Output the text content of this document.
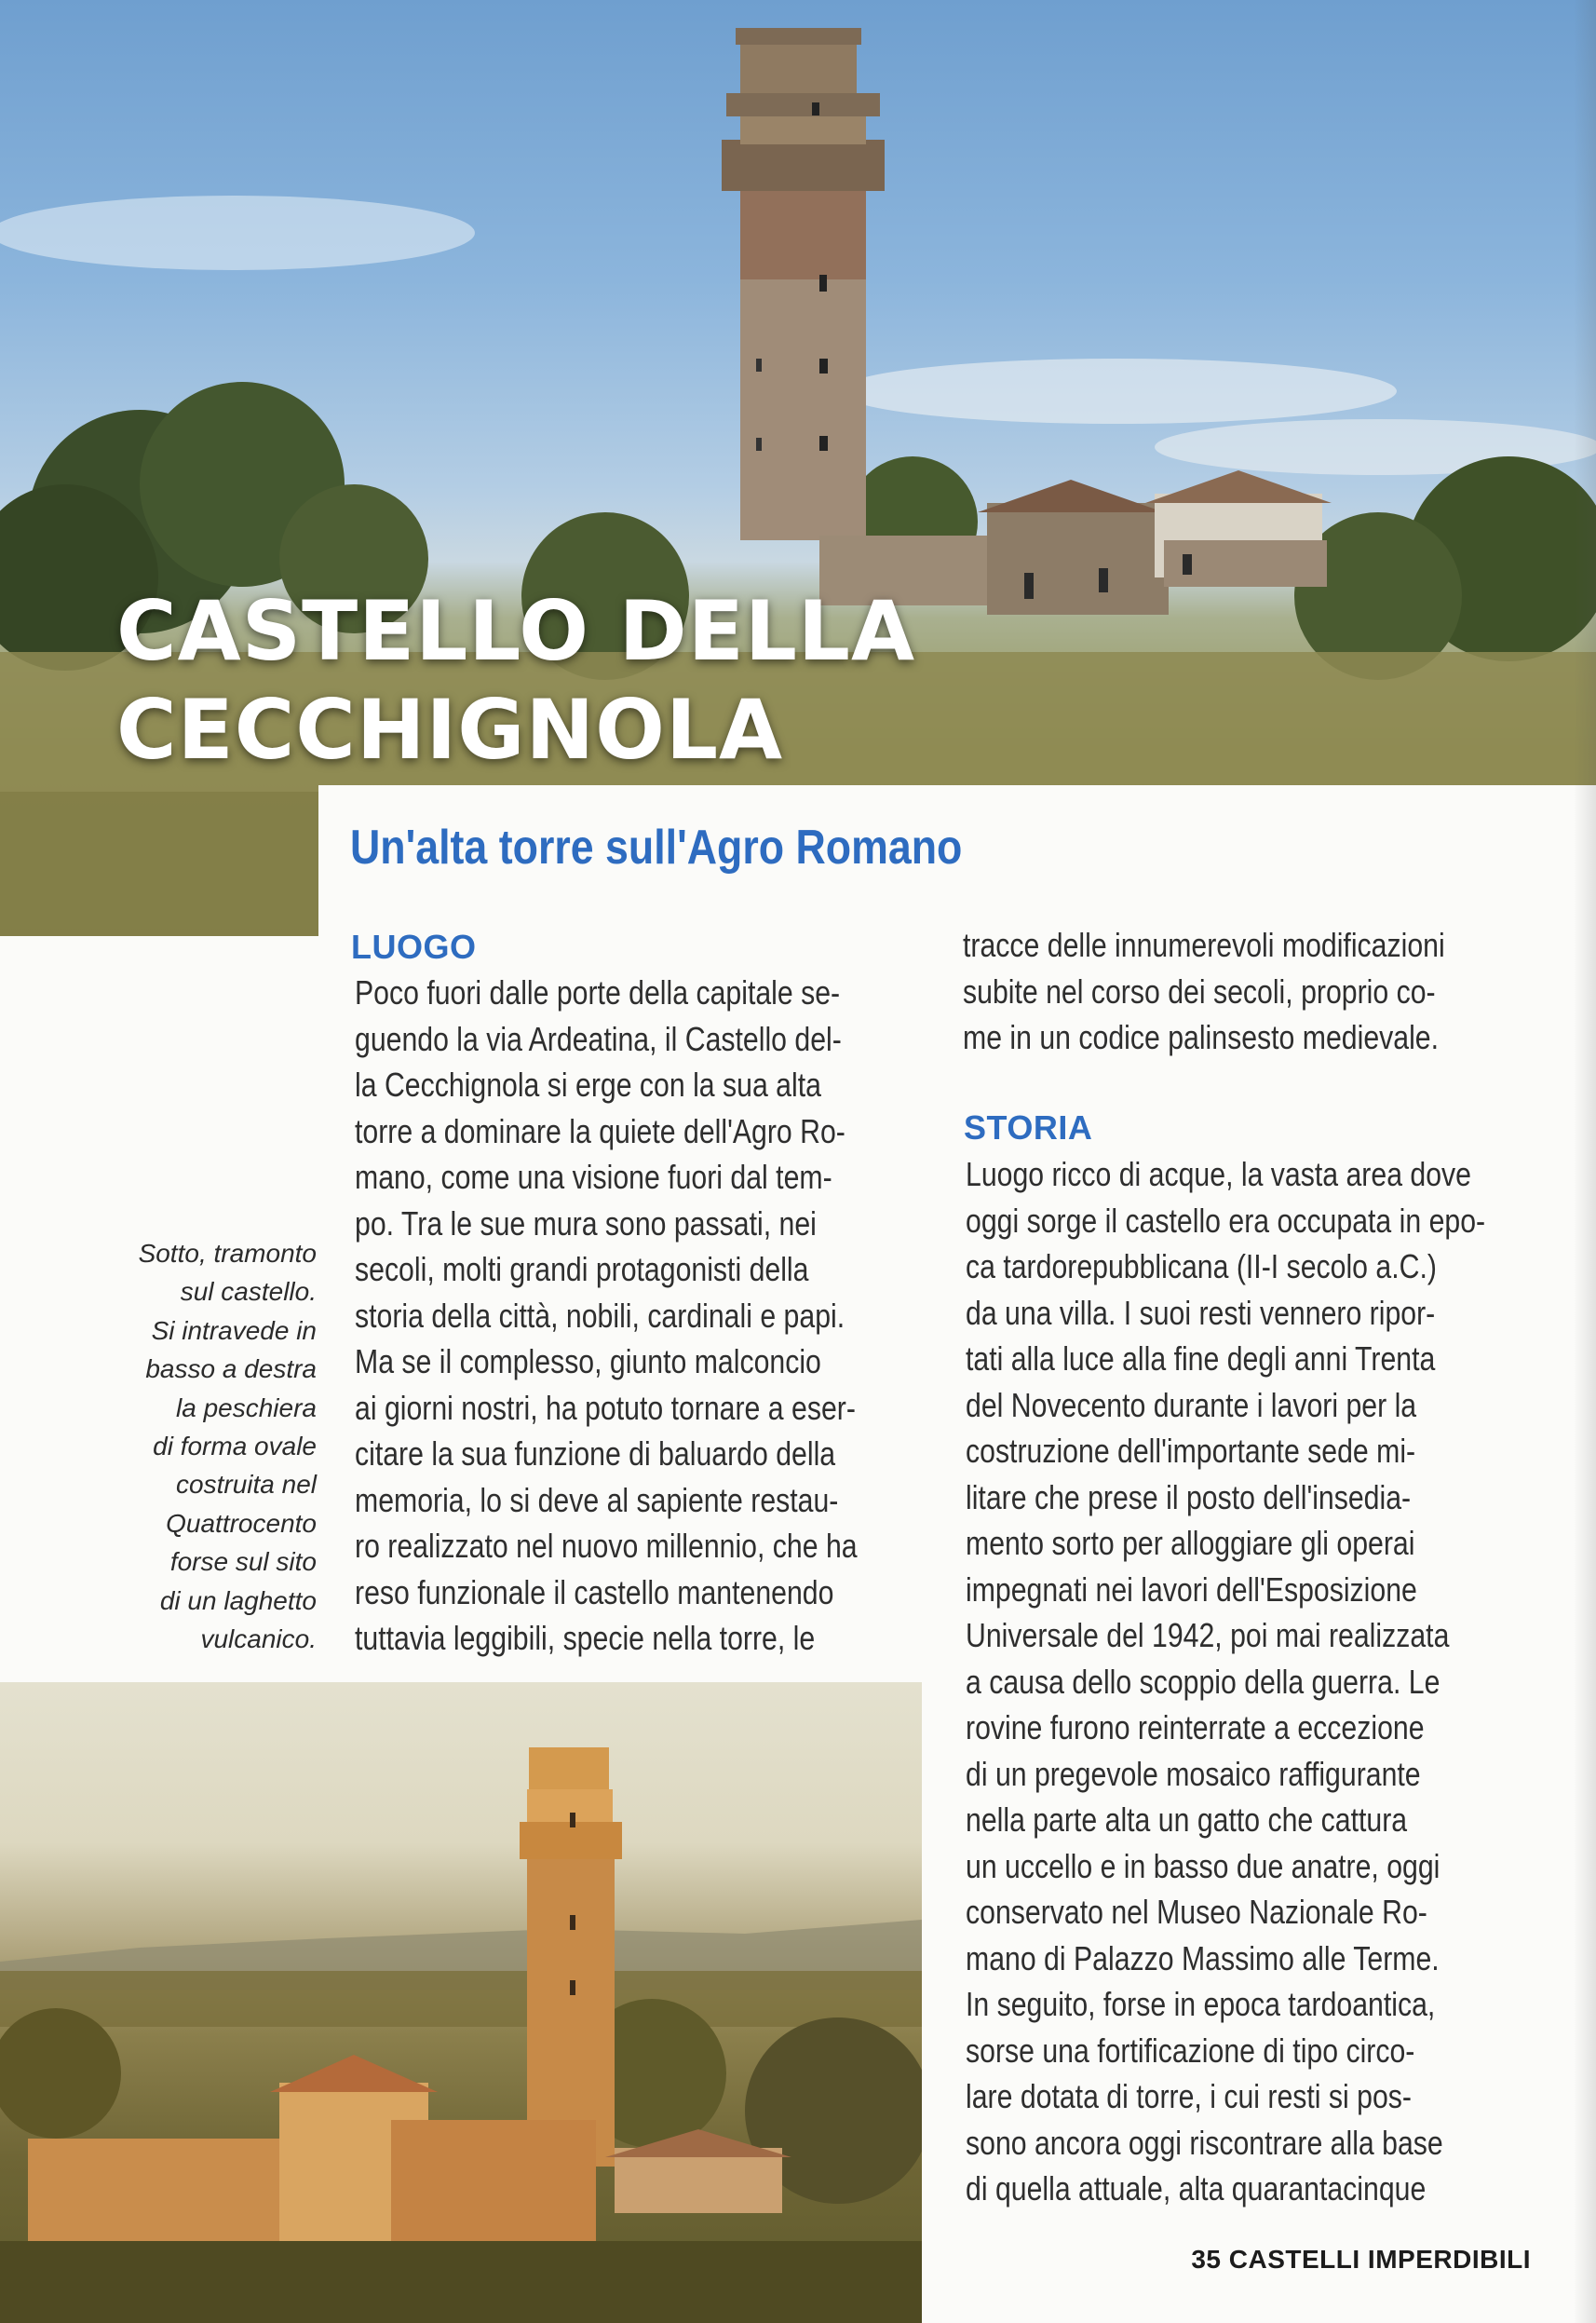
CASTELLO DELLA
CECCHIGNOLA
Un'alta torre sull'Agro Romano
LUOGO
Poco fuori dalle porte della capitale se-
guendo la via Ardeatina, il Castello del-
la Cecchignola si erge con la sua alta
torre a dominare la quiete dell'Agro Ro-
mano, come una visione fuori dal tem-
po. Tra le sue mura sono passati, nei
secoli, molti grandi protagonisti della
storia della città, nobili, cardinali e papi.
Ma se il complesso, giunto malconcio
ai giorni nostri, ha potuto tornare a eser-
citare la sua funzione di baluardo della
memoria, lo si deve al sapiente restau-
ro realizzato nel nuovo millennio, che ha
reso funzionale il castello mantenendo
tuttavia leggibili, specie nella torre, le
Sotto, tramonto
sul castello.
Si intravede in
basso a destra
la peschiera
di forma ovale
costruita nel
Quattrocento
forse sul sito
di un laghetto
vulcanico.
tracce delle innumerevoli modificazioni
subite nel corso dei secoli, proprio co-
me in un codice palinsesto medievale.
STORIA
Luogo ricco di acque, la vasta area dove
oggi sorge il castello era occupata in epo-
ca tardorepubblicana (II-I secolo a.C.)
da una villa. I suoi resti vennero ripor-
tati alla luce alla fine degli anni Trenta
del Novecento durante i lavori per la
costruzione dell'importante sede mi-
litare che prese il posto dell'insedia-
mento sorto per alloggiare gli operai
impegnati nei lavori dell'Esposizione
Universale del 1942, poi mai realizzata
a causa dello scoppio della guerra. Le
rovine furono reinterrate a eccezione
di un pregevole mosaico raffigurante
nella parte alta un gatto che cattura
un uccello e in basso due anatre, oggi
conservato nel Museo Nazionale Ro-
mano di Palazzo Massimo alle Terme.
In seguito, forse in epoca tardoantica,
sorse una fortificazione di tipo circo-
lare dotata di torre, i cui resti si pos-
sono ancora oggi riscontrare alla base
di quella attuale, alta quarantacinque
35 CASTELLI IMPERDIBILI
